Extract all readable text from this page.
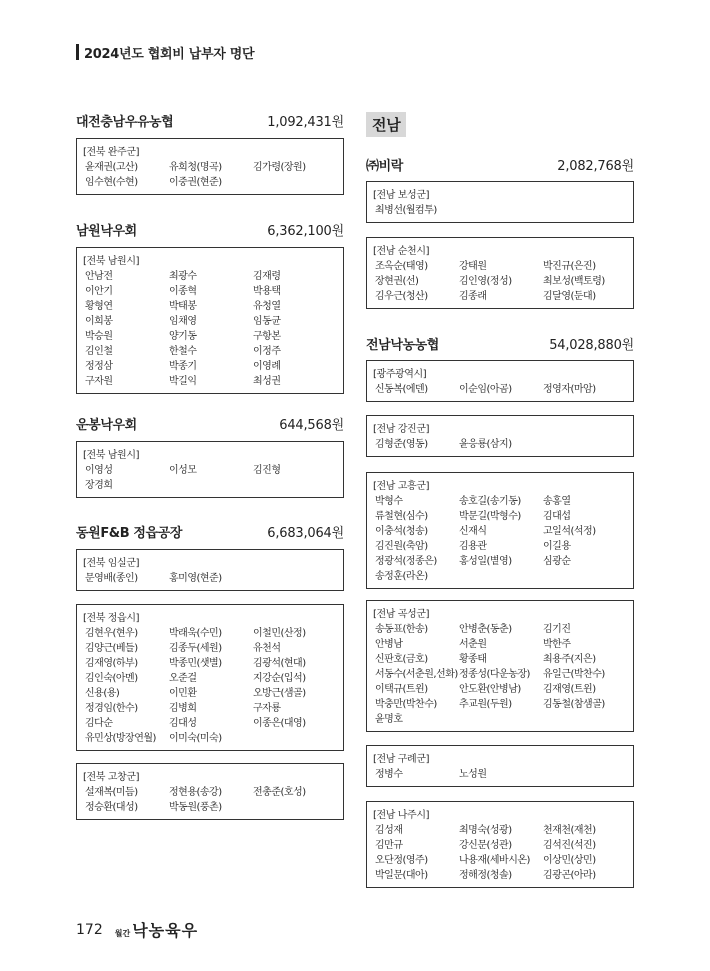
2024년도 협회비 납부자 명단
대전충남우유농협	1,092,431원
[전북 완주군]
윤재권(고산)	유희청(명곡)	김가령(장원)
임수현(수현)	이중권(현준)
남원낙우회	6,362,100원
[전북 남원시]
안남전	최광수	김재령
이안기	이종혁	박용택
황형연	박태봉	유청열
이희봉	임채영	임동균
박승원	양기동	구항본
김인철	한철수	이정주
정정삼	박종기	이영례
구자원	박길익	최성권
운봉낙우회	644,568원
[전북 남원시]
이영성	이성모	김진형
장경희
동원F&B 정읍공장	6,683,064원
[전북 임실군]
문영배(종인)	홍미영(현준)
[전북 정읍시]
김현우(현우)	박래욱(수민)	이철민(산정)
김양근(베들)	김종두(세원)	유천석
김재영(하부)	박종민(샛별)	김광석(현대)
김인숙(아멘)	오준걸	지강순(입석)
신용(용)	이민환	오방근(샘골)
정경임(한수)	김병희	구자룡
김다순	김대성	이종은(대영)
유민상(방장연월)	이미숙(미숙)
[전북 고창군]
설재복(미듬)	정현용(송강)	전총준(호성)
정승환(대성)	박동원(풍촌)
전남
㈜비락	2,082,768원
[전남 보성군]
최병선(월컴투)
[전남 순천시]
조옥순(태영)	강태원	박진규(은진)
장현권(선)	김인영(정성)	최보성(백토령)
김우근(청산)	김종래	김달영(둔대)
전남낙농농협	54,028,880원
[광주광역시]
신동복(에덴)	이순임(아곰)	정영자(마암)
[전남 강진군]
김형준(영동)	윤응룡(삼지)
[전남 고흥군]
박형수	송호길(송기동)	송홍열
류철현(심수)	박문길(박형수)	김대섭
이충석(청송)	신재식	고일석(석정)
김진원(축암)	김용관	이길용
정광석(정종은)	홍성일(볕영)	심광순
송정훈(라온)
[전남 곡성군]
송동표(한송)	안병춘(동춘)	김기진
안병남	서춘원	박한주
신판호(금호)	황종태	최용주(지은)
서동수(서춘원,선화) 정종성(다운농장)	유일근(박찬수)
이택규(트윈)	안도환(안병남)	김재영(트윈)
박충만(박찬수)	추교원(두원)	김동철(참샘골)
윤명호
[전남 구례군]
정병수	노성원
[전남 나주시]
김성재	최명숙(성광)	천재천(재천)
김만규	강신문(성관)	김석진(석진)
오단정(영주)	나용재(세바시온)	이상민(상민)
박일문(대아)	정해정(청솔)	김광곤(아라)
172 월간 낙농육우
